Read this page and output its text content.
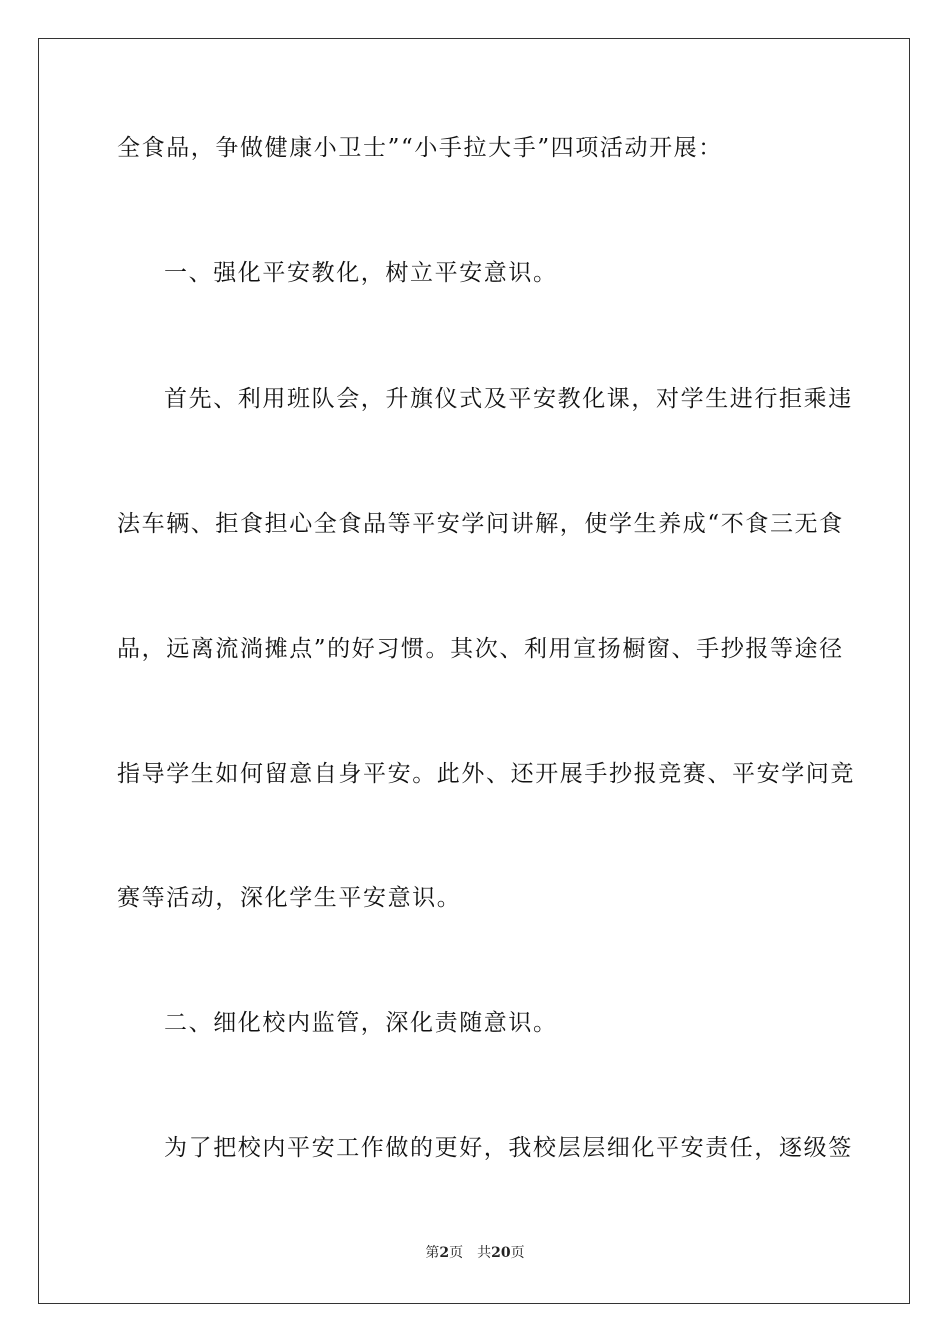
全食品，争做健康小卫士”“小手拉大手”四项活动开展：
一、强化平安教化，树立平安意识。
首先、利用班队会，升旗仪式及平安教化课，对学生进行拒乘违
法车辆、拒食担心全食品等平安学问讲解，使学生养成“不食三无食
品，远离流淌摊点”的好习惯。其次、利用宣扬橱窗、手抄报等途径
指导学生如何留意自身平安。此外、还开展手抄报竞赛、平安学问竞
赛等活动，深化学生平安意识。
二、细化校内监管，深化责随意识。
为了把校内平安工作做的更好，我校层层细化平安责任，逐级签
第2页 共20页
